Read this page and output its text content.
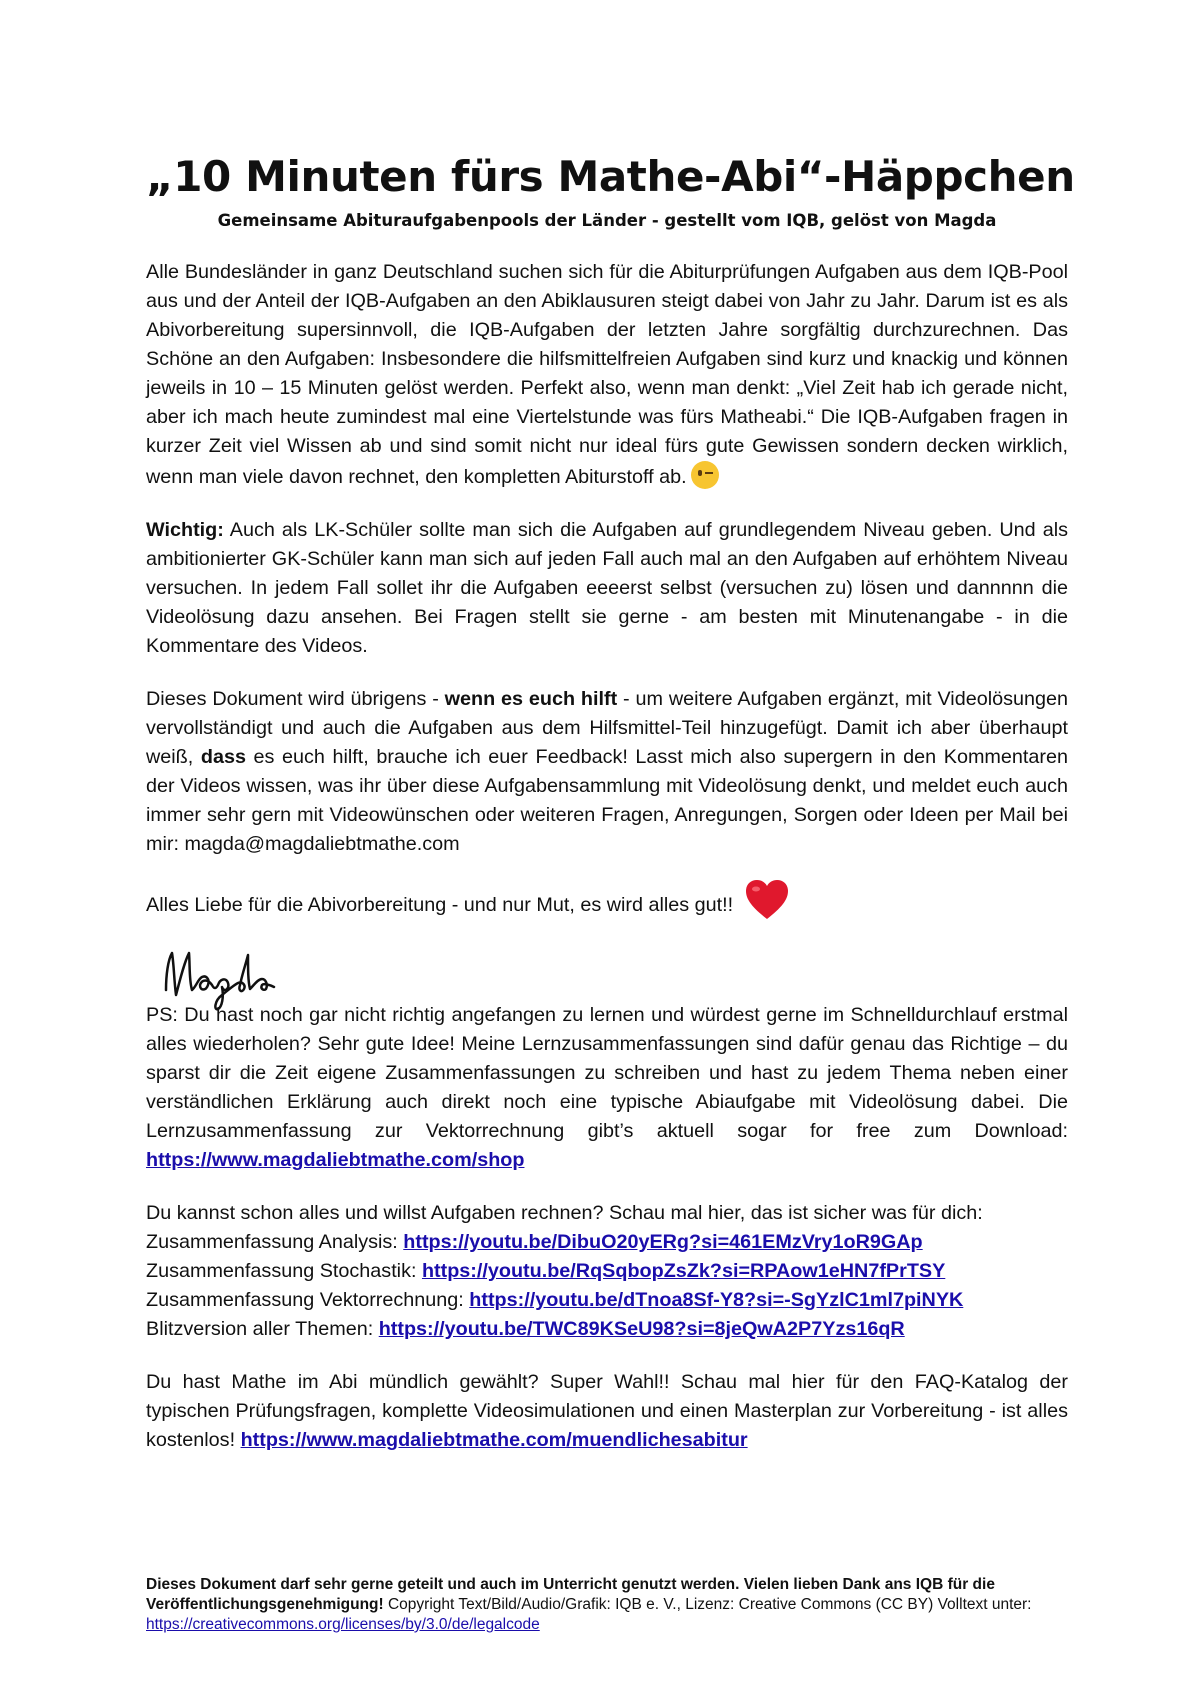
„10 Minuten fürs Mathe-Abi“-Häppchen
Gemeinsame Abituraufgabenpools der Länder - gestellt vom IQB, gelöst von Magda

Alle Bundesländer in ganz Deutschland suchen sich für die Abiturprüfungen Aufgaben aus dem IQB-Pool aus und der Anteil der IQB-Aufgaben an den Abiklausuren steigt dabei von Jahr zu Jahr. Darum ist es als Abivorbereitung supersinnvoll, die IQB-Aufgaben der letzten Jahre sorgfältig durchzurechnen. Das Schöne an den Aufgaben: Insbesondere die hilfsmittelfreien Aufgaben sind kurz und knackig und können jeweils in 10 – 15 Minuten gelöst werden. Perfekt also, wenn man denkt: „Viel Zeit hab ich gerade nicht, aber ich mach heute zumindest mal eine Viertelstunde was fürs Matheabi.“ Die IQB-Aufgaben fragen in kurzer Zeit viel Wissen ab und sind somit nicht nur ideal fürs gute Gewissen sondern decken wirklich, wenn man viele davon rechnet, den kompletten Abiturstoff ab.

Wichtig: Auch als LK-Schüler sollte man sich die Aufgaben auf grundlegendem Niveau geben. Und als ambitionierter GK-Schüler kann man sich auf jeden Fall auch mal an den Aufgaben auf erhöhtem Niveau versuchen. In jedem Fall sollet ihr die Aufgaben eeeerst selbst (versuchen zu) lösen und dannnnn die Videolösung dazu ansehen. Bei Fragen stellt sie gerne - am besten mit Minutenangabe - in die Kommentare des Videos.

Dieses Dokument wird übrigens - wenn es euch hilft - um weitere Aufgaben ergänzt, mit Videolösungen vervollständigt und auch die Aufgaben aus dem Hilfsmittel-Teil hinzugefügt. Damit ich aber überhaupt weiß, dass es euch hilft, brauche ich euer Feedback! Lasst mich also supergern in den Kommentaren der Videos wissen, was ihr über diese Aufgabensammlung mit Videolösung denkt, und meldet euch auch immer sehr gern mit Videowünschen oder weiteren Fragen, Anregungen, Sorgen oder Ideen per Mail bei mir: magda@magdaliebtmathe.com

Alles Liebe für die Abivorbereitung - und nur Mut, es wird alles gut!!

PS: Du hast noch gar nicht richtig angefangen zu lernen und würdest gerne im Schnelldurchlauf erstmal alles wiederholen? Sehr gute Idee! Meine Lernzusammenfassungen sind dafür genau das Richtige – du sparst dir die Zeit eigene Zusammenfassungen zu schreiben und hast zu jedem Thema neben einer verständlichen Erklärung auch direkt noch eine typische Abiaufgabe mit Videolösung dabei. Die Lernzusammenfassung zur Vektorrechnung gibt’s aktuell sogar for free zum Download: https://www.magdaliebtmathe.com/shop

Du kannst schon alles und willst Aufgaben rechnen? Schau mal hier, das ist sicher was für dich:

Zusammenfassung Analysis: https://youtu.be/DibuO20yERg?si=461EMzVry1oR9GAp

Zusammenfassung Stochastik: https://youtu.be/RqSqbopZsZk?si=RPAow1eHN7fPrTSY

Zusammenfassung Vektorrechnung: https://youtu.be/dTnoa8Sf-Y8?si=-SgYzlC1ml7piNYK

Blitzversion aller Themen: https://youtu.be/TWC89KSeU98?si=8jeQwA2P7Yzs16qR

Du hast Mathe im Abi mündlich gewählt? Super Wahl!! Schau mal hier für den FAQ-Katalog der typischen Prüfungsfragen, komplette Videosimulationen und einen Masterplan zur Vorbereitung - ist alles kostenlos! https://www.magdaliebtmathe.com/muendlichesabitur

Dieses Dokument darf sehr gerne geteilt und auch im Unterricht genutzt werden. Vielen lieben Dank ans IQB für die Veröffentlichungsgenehmigung! Copyright Text/Bild/Audio/Grafik: IQB e. V., Lizenz: Creative Commons (CC BY) Volltext unter: https://creativecommons.org/licenses/by/3.0/de/legalcode
